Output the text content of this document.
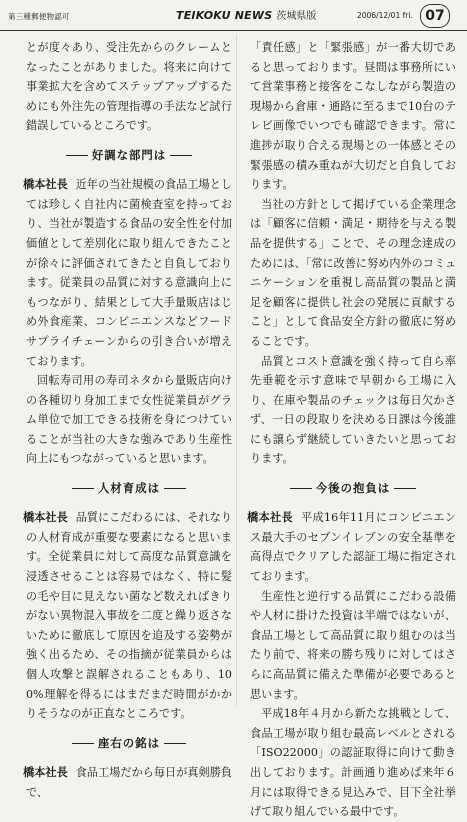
第三種郵便物認可	TEIKOKU NEWS 茨城県版	2006/12/01 fri. 07

とが度々あり、受注先からのクレームとなったことがありました。将来に向けて事業拡大を含めてステップアップするためにも外注先の管理指導の手法など試行錯誤しているところです。

好調な部門は

橋本社長 近年の当社規模の食品工場としては珍しく自社内に菌検査室を持っており、当社が製造する食品の安全性を付加価値として差別化に取り組んできたことが徐々に評価されてきたと自負しております。従業員の品質に対する意識向上にもつながり、結果として大手量販店はじめ外食産業、コンビニエンスなどフードサプライチェーンからの引き合いが増えております。

回転寿司用の寿司ネタから量販店向けの各種切り身加工まで女性従業員がグラム単位で加工できる技術を身につけていることが当社の大きな強みであり生産性向上にもつながっていると思います。

人材育成は

橋本社長 品質にこだわるには、それなりの人材育成が重要な要素になると思います。全従業員に対して高度な品質意識を浸透させることは容易ではなく、特に髪の毛や目に見えない菌など数えればきりがない異物混入事故を二度と繰り返さないために徹底して原因を追及する姿勢が強く出るため、その指摘が従業員からは個人攻撃と誤解されることもあり、100%理解を得るにはまだまだ時間がかかりそうなのが正直なところです。

座右の銘は

橋本社長 食品工場だから毎日が真剣勝負で、

「責任感」と「緊張感」が一番大切であると思っております。昼間は事務所にいて営業事務と接客をこなしながら製造の現場から倉庫・通路に至るまで10台のテレビ画像でいつでも確認できます。常に進捗が取り合える現場との一体感とその緊張感の積み重ねが大切だと自負しております。

当社の方針として掲げている企業理念は「顧客に信頼・満足・期待を与える製品を提供する」ことで、その理念達成のためには、「常に改善に努め内外のコミュニケーションを重視し高品質の製品と満足を顧客に提供し社会の発展に貢献すること」として食品安全方針の徹底に努めることです。

品質とコスト意識を強く持って自ら率先垂範を示す意味で早朝から工場に入り、在庫や製品のチェックは毎日欠かさず、一日の段取りを決める日課は今後誰にも譲らず継続していきたいと思っております。

今後の抱負は

橋本社長 平成16年11月にコンビニエンス最大手のセブンイレブンの安全基準を高得点でクリアした認証工場に指定されております。

生産性と逆行する品質にこだわる設備や人材に掛けた投資は半端ではないが、食品工場として高品質に取り組むのは当たり前で、将来の勝ち残りに対してはさらに高品質に備えた準備が必要であると思います。

平成18年４月から新たな挑戦として、食品工場が取り組む最高レベルとされる「ISO22000」の認証取得に向けて動き出しております。計画通り進めば来年６月には取得できる見込みで、目下全社挙げて取り組んでいる最中です。
